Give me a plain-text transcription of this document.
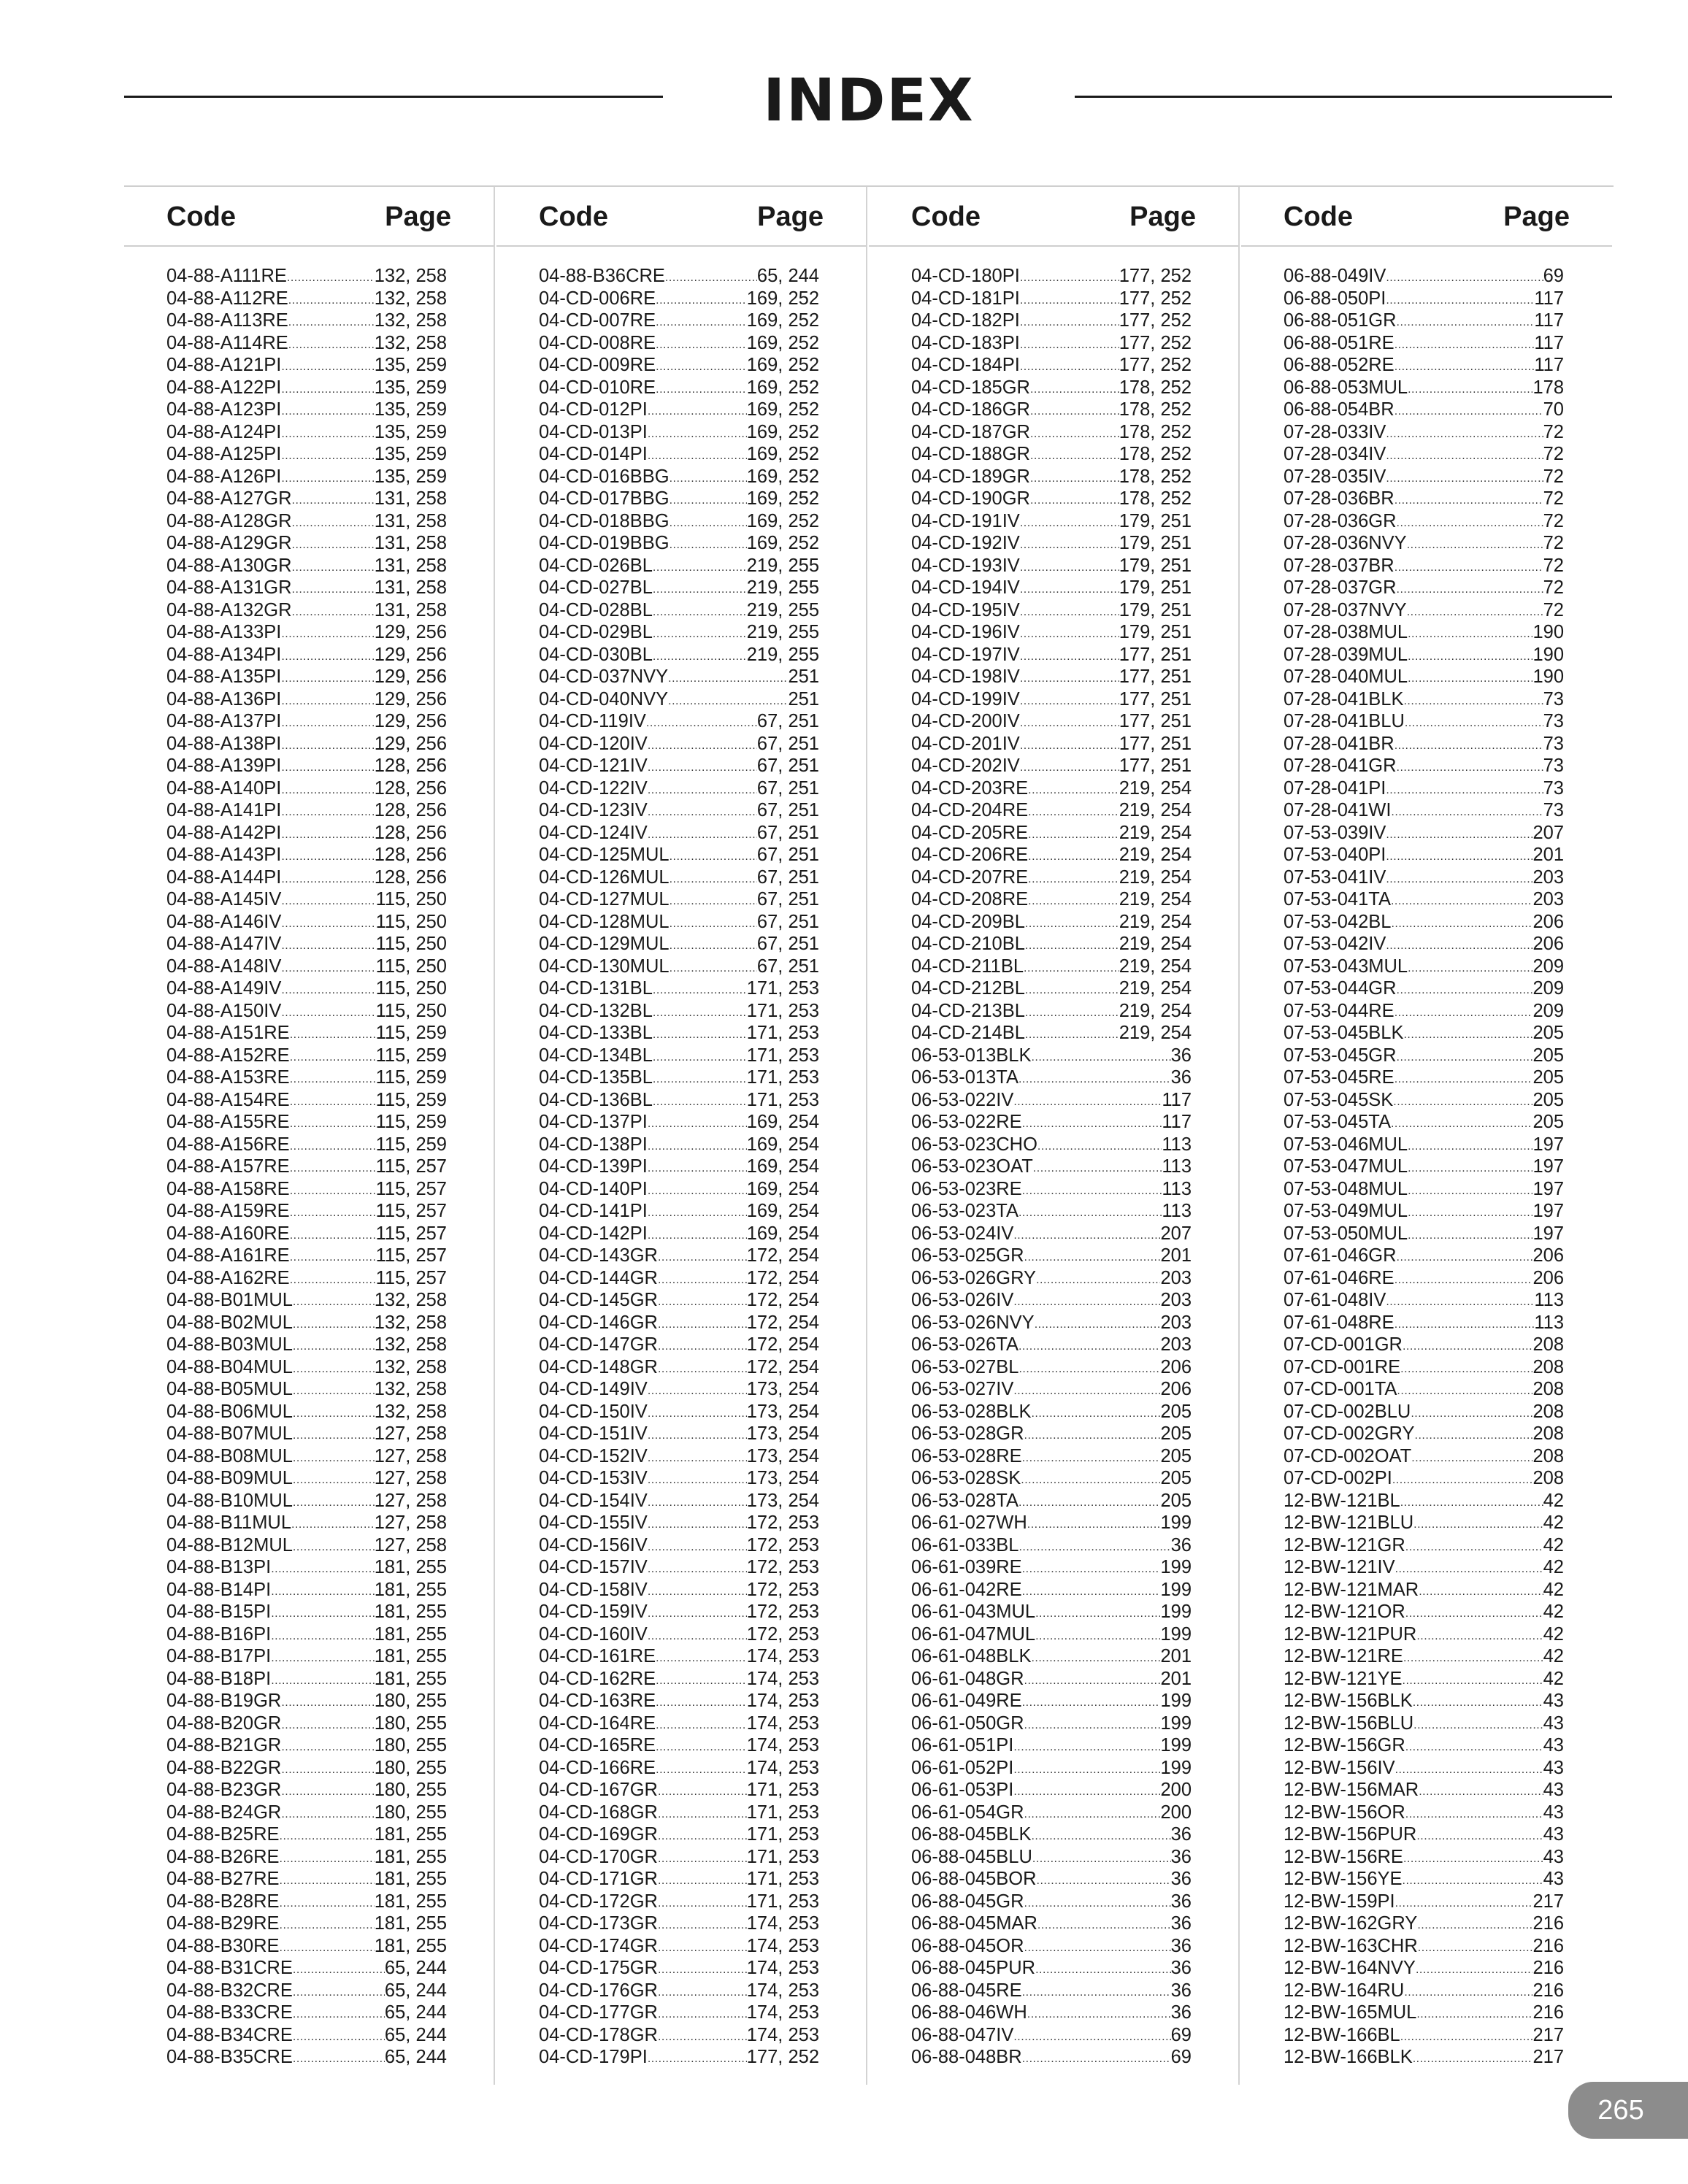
INDEX
Code	Page
04-88-A111RE .....	132, 258
04-88-A112RE .....	132, 258
04-88-A113RE .....	132, 258
04-88-A114RE .....	132, 258
04-88-A121PI .....	135, 259
04-88-A122PI .....	135, 259
04-88-A123PI .....	135, 259
04-88-A124PI .....	135, 259
04-88-A125PI .....	135, 259
04-88-A126PI .....	135, 259
04-88-A127GR .....	131, 258
04-88-A128GR .....	131, 258
04-88-A129GR .....	131, 258
04-88-A130GR .....	131, 258
04-88-A131GR .....	131, 258
04-88-A132GR .....	131, 258
04-88-A133PI .....	129, 256
04-88-A134PI .....	129, 256
04-88-A135PI .....	129, 256
04-88-A136PI .....	129, 256
04-88-A137PI .....	129, 256
04-88-A138PI .....	129, 256
04-88-A139PI .....	128, 256
04-88-A140PI .....	128, 256
04-88-A141PI .....	128, 256
04-88-A142PI .....	128, 256
04-88-A143PI .....	128, 256
04-88-A144PI .....	128, 256
04-88-A145IV .....	115, 250
04-88-A146IV .....	115, 250
04-88-A147IV .....	115, 250
04-88-A148IV .....	115, 250
04-88-A149IV .....	115, 250
04-88-A150IV .....	115, 250
04-88-A151RE .....	115, 259
04-88-A152RE .....	115, 259
04-88-A153RE .....	115, 259
04-88-A154RE .....	115, 259
04-88-A155RE .....	115, 259
04-88-A156RE .....	115, 259
04-88-A157RE .....	115, 257
04-88-A158RE .....	115, 257
04-88-A159RE .....	115, 257
04-88-A160RE .....	115, 257
04-88-A161RE .....	115, 257
04-88-A162RE .....	115, 257
04-88-B01MUL .....	132, 258
04-88-B02MUL .....	132, 258
04-88-B03MUL .....	132, 258
04-88-B04MUL .....	132, 258
04-88-B05MUL .....	132, 258
04-88-B06MUL .....	132, 258
04-88-B07MUL .....	127, 258
04-88-B08MUL .....	127, 258
04-88-B09MUL .....	127, 258
04-88-B10MUL .....	127, 258
04-88-B11MUL .....	127, 258
04-88-B12MUL .....	127, 258
04-88-B13PI .....	181, 255
04-88-B14PI .....	181, 255
04-88-B15PI .....	181, 255
04-88-B16PI .....	181, 255
04-88-B17PI .....	181, 255
04-88-B18PI .....	181, 255
04-88-B19GR .....	180, 255
04-88-B20GR .....	180, 255
04-88-B21GR .....	180, 255
04-88-B22GR .....	180, 255
04-88-B23GR .....	180, 255
04-88-B24GR .....	180, 255
04-88-B25RE .....	181, 255
04-88-B26RE .....	181, 255
04-88-B27RE .....	181, 255
04-88-B28RE .....	181, 255
04-88-B29RE .....	181, 255
04-88-B30RE .....	181, 255
04-88-B31CRE .....	65, 244
04-88-B32CRE .....	65, 244
04-88-B33CRE .....	65, 244
04-88-B34CRE .....	65, 244
04-88-B35CRE .....	65, 244
Code	Page
04-88-B36CRE .....	65, 244
04-CD-006RE .....	169, 252
04-CD-007RE .....	169, 252
04-CD-008RE .....	169, 252
04-CD-009RE .....	169, 252
04-CD-010RE .....	169, 252
04-CD-012PI .....	169, 252
04-CD-013PI .....	169, 252
04-CD-014PI .....	169, 252
04-CD-016BBG .....	169, 252
04-CD-017BBG .....	169, 252
04-CD-018BBG .....	169, 252
04-CD-019BBG .....	169, 252
04-CD-026BL .....	219, 255
04-CD-027BL .....	219, 255
04-CD-028BL .....	219, 255
04-CD-029BL .....	219, 255
04-CD-030BL .....	219, 255
04-CD-037NVY .....	251
04-CD-040NVY .....	251
04-CD-119IV .....	67, 251
04-CD-120IV .....	67, 251
04-CD-121IV .....	67, 251
04-CD-122IV .....	67, 251
04-CD-123IV .....	67, 251
04-CD-124IV .....	67, 251
04-CD-125MUL .....	67, 251
04-CD-126MUL .....	67, 251
04-CD-127MUL .....	67, 251
04-CD-128MUL .....	67, 251
04-CD-129MUL .....	67, 251
04-CD-130MUL .....	67, 251
04-CD-131BL .....	171, 253
04-CD-132BL .....	171, 253
04-CD-133BL .....	171, 253
04-CD-134BL .....	171, 253
04-CD-135BL .....	171, 253
04-CD-136BL .....	171, 253
04-CD-137PI .....	169, 254
04-CD-138PI .....	169, 254
04-CD-139PI .....	169, 254
04-CD-140PI .....	169, 254
04-CD-141PI .....	169, 254
04-CD-142PI .....	169, 254
04-CD-143GR .....	172, 254
04-CD-144GR .....	172, 254
04-CD-145GR .....	172, 254
04-CD-146GR .....	172, 254
04-CD-147GR .....	172, 254
04-CD-148GR .....	172, 254
04-CD-149IV .....	173, 254
04-CD-150IV .....	173, 254
04-CD-151IV .....	173, 254
04-CD-152IV .....	173, 254
04-CD-153IV .....	173, 254
04-CD-154IV .....	173, 254
04-CD-155IV .....	172, 253
04-CD-156IV .....	172, 253
04-CD-157IV .....	172, 253
04-CD-158IV .....	172, 253
04-CD-159IV .....	172, 253
04-CD-160IV .....	172, 253
04-CD-161RE .....	174, 253
04-CD-162RE .....	174, 253
04-CD-163RE .....	174, 253
04-CD-164RE .....	174, 253
04-CD-165RE .....	174, 253
04-CD-166RE .....	174, 253
04-CD-167GR .....	171, 253
04-CD-168GR .....	171, 253
04-CD-169GR .....	171, 253
04-CD-170GR .....	171, 253
04-CD-171GR .....	171, 253
04-CD-172GR .....	171, 253
04-CD-173GR .....	174, 253
04-CD-174GR .....	174, 253
04-CD-175GR .....	174, 253
04-CD-176GR .....	174, 253
04-CD-177GR .....	174, 253
04-CD-178GR .....	174, 253
04-CD-179PI .....	177, 252
Code	Page
04-CD-180PI .....	177, 252
04-CD-181PI .....	177, 252
04-CD-182PI .....	177, 252
04-CD-183PI .....	177, 252
04-CD-184PI .....	177, 252
04-CD-185GR .....	178, 252
04-CD-186GR .....	178, 252
04-CD-187GR .....	178, 252
04-CD-188GR .....	178, 252
04-CD-189GR .....	178, 252
04-CD-190GR .....	178, 252
04-CD-191IV .....	179, 251
04-CD-192IV .....	179, 251
04-CD-193IV .....	179, 251
04-CD-194IV .....	179, 251
04-CD-195IV .....	179, 251
04-CD-196IV .....	179, 251
04-CD-197IV .....	177, 251
04-CD-198IV .....	177, 251
04-CD-199IV .....	177, 251
04-CD-200IV .....	177, 251
04-CD-201IV .....	177, 251
04-CD-202IV .....	177, 251
04-CD-203RE .....	219, 254
04-CD-204RE .....	219, 254
04-CD-205RE .....	219, 254
04-CD-206RE .....	219, 254
04-CD-207RE .....	219, 254
04-CD-208RE .....	219, 254
04-CD-209BL .....	219, 254
04-CD-210BL .....	219, 254
04-CD-211BL .....	219, 254
04-CD-212BL .....	219, 254
04-CD-213BL .....	219, 254
04-CD-214BL .....	219, 254
06-53-013BLK .....	36
06-53-013TA .....	36
06-53-022IV .....	117
06-53-022RE .....	117
06-53-023CHO .....	113
06-53-023OAT .....	113
06-53-023RE .....	113
06-53-023TA .....	113
06-53-024IV .....	207
06-53-025GR .....	201
06-53-026GRY .....	203
06-53-026IV .....	203
06-53-026NVY .....	203
06-53-026TA .....	203
06-53-027BL .....	206
06-53-027IV .....	206
06-53-028BLK .....	205
06-53-028GR .....	205
06-53-028RE .....	205
06-53-028SK .....	205
06-53-028TA .....	205
06-61-027WH .....	199
06-61-033BL .....	36
06-61-039RE .....	199
06-61-042RE .....	199
06-61-043MUL .....	199
06-61-047MUL .....	199
06-61-048BLK .....	201
06-61-048GR .....	201
06-61-049RE .....	199
06-61-050GR .....	199
06-61-051PI .....	199
06-61-052PI .....	199
06-61-053PI .....	200
06-61-054GR .....	200
06-88-045BLK .....	36
06-88-045BLU .....	36
06-88-045BOR .....	36
06-88-045GR .....	36
06-88-045MAR .....	36
06-88-045OR .....	36
06-88-045PUR .....	36
06-88-045RE .....	36
06-88-046WH .....	36
06-88-047IV .....	69
06-88-048BR .....	69
Code	Page
06-88-049IV .....	69
06-88-050PI .....	117
06-88-051GR .....	117
06-88-051RE .....	117
06-88-052RE .....	117
06-88-053MUL .....	178
06-88-054BR .....	70
07-28-033IV .....	72
07-28-034IV .....	72
07-28-035IV .....	72
07-28-036BR .....	72
07-28-036GR .....	72
07-28-036NVY .....	72
07-28-037BR .....	72
07-28-037GR .....	72
07-28-037NVY .....	72
07-28-038MUL .....	190
07-28-039MUL .....	190
07-28-040MUL .....	190
07-28-041BLK .....	73
07-28-041BLU .....	73
07-28-041BR .....	73
07-28-041GR .....	73
07-28-041PI .....	73
07-28-041WI .....	73
07-53-039IV .....	207
07-53-040PI .....	201
07-53-041IV .....	203
07-53-041TA .....	203
07-53-042BL .....	206
07-53-042IV .....	206
07-53-043MUL .....	209
07-53-044GR .....	209
07-53-044RE .....	209
07-53-045BLK .....	205
07-53-045GR .....	205
07-53-045RE .....	205
07-53-045SK .....	205
07-53-045TA .....	205
07-53-046MUL .....	197
07-53-047MUL .....	197
07-53-048MUL .....	197
07-53-049MUL .....	197
07-53-050MUL .....	197
07-61-046GR .....	206
07-61-046RE .....	206
07-61-048IV .....	113
07-61-048RE .....	113
07-CD-001GR .....	208
07-CD-001RE .....	208
07-CD-001TA .....	208
07-CD-002BLU .....	208
07-CD-002GRY .....	208
07-CD-002OAT .....	208
07-CD-002PI .....	208
12-BW-121BL .....	42
12-BW-121BLU .....	42
12-BW-121GR .....	42
12-BW-121IV .....	42
12-BW-121MAR .....	42
12-BW-121OR .....	42
12-BW-121PUR .....	42
12-BW-121RE .....	42
12-BW-121YE .....	42
12-BW-156BLK .....	43
12-BW-156BLU .....	43
12-BW-156GR .....	43
12-BW-156IV .....	43
12-BW-156MAR .....	43
12-BW-156OR .....	43
12-BW-156PUR .....	43
12-BW-156RE .....	43
12-BW-156YE .....	43
12-BW-159PI .....	217
12-BW-162GRY .....	216
12-BW-163CHR .....	216
12-BW-164NVY .....	216
12-BW-164RU .....	216
12-BW-165MUL .....	216
12-BW-166BL .....	217
12-BW-166BLK .....	217
265
